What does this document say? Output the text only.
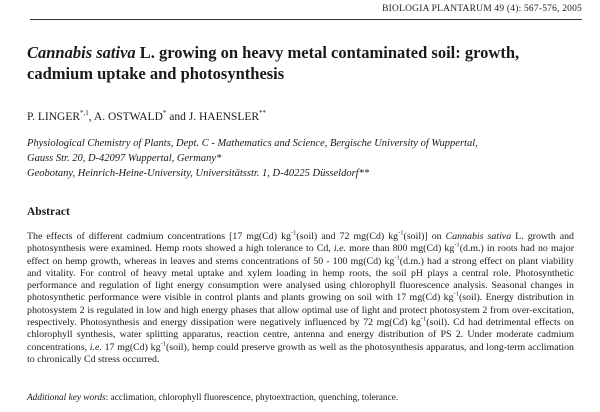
BIOLOGIA PLANTARUM 49 (4): 567-576, 2005
Cannabis sativa L. growing on heavy metal contaminated soil: growth, cadmium uptake and photosynthesis

P. $LINGER^{*,1}$, A. OSTWALD* and J. HAENSLER**

Physiological Chemistry of Plants, Dept. C - Mathematics and Science, Bergische University of Wuppertal,
Gauss Str. 20, D-42097 Wuppertal, Germany*
Geobotany, Heinrich-Heine-University, Universitätsstr. 1, D-40225 Düsseldorf**
Abstract

The effects of different cadmium concentrations [17 mg(Cd) $kg^{-1}(soil)$ and 72 mg(Cd) $kg^{-1}(soil)$] on Cannabis sativa L. growth and photosynthesis were examined. Hemp roots showed a high tolerance to Cd, i.e. more than 800 mg(Cd) $kg^{-1}(d.m.)$ in roots had no major effect on hemp growth, whereas in leaves and stems concentrations of 50 - 100 mg(Cd) $kg^{-1}(d.m.)$ had a strong effect on plant viability and vitality. For control of heavy metal uptake and xylem loading in hemp roots, the soil pH plays a central role. Photosynthetic performance and regulation of light energy consumption were analysed using chlorophyll fluorescence analysis. Seasonal changes in photosynthetic performance were visible in control plants and plants growing on soil with 17 mg(Cd) $kg^{-1}(soil)$. Energy distribution in photosystem 2 is regulated in low and high energy phases that allow optimal use of light and protect photosystem 2 from over-excitation, respectively. Photosynthesis and energy dissipation were negatively influenced by 72 mg(Cd) $kg^{-1}(soil)$. Cd had detrimental effects on chlorophyll synthesis, water splitting apparatus, reaction centre, antenna and energy distribution of PS 2. Under moderate cadmium concentrations, i.e. 17 mg(Cd) $kg^{-1}(soil)$, hemp could preserve growth as well as the photosynthesis apparatus, and long-term acclimation to chronically Cd stress occurred.

Additional key words: acclimation, chlorophyll fluorescence, phytoextraction, quenching, tolerance.
